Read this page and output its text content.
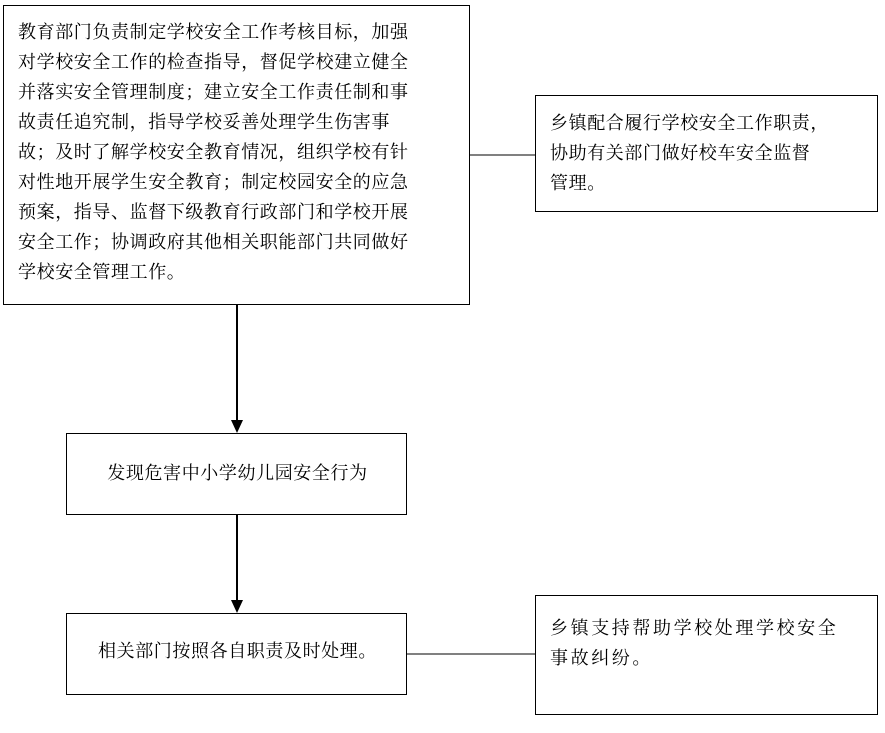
教育部门负责制定学校安全工作考核目标，加强
对学校安全工作的检查指导，督促学校建立健全
并落实安全管理制度；建立安全工作责任制和事
故责任追究制，指导学校妥善处理学生伤害事
故；及时了解学校安全教育情况，组织学校有针
对性地开展学生安全教育；制定校园安全的应急
预案，指导、监督下级教育行政部门和学校开展
安全工作；协调政府其他相关职能部门共同做好
学校安全管理工作。
乡镇配合履行学校安全工作职责，
协助有关部门做好校车安全监督
管理。
发现危害中小学幼儿园安全行为
相关部门按照各自职责及时处理。
乡镇支持帮助学校处理学校安全
事故纠纷。
